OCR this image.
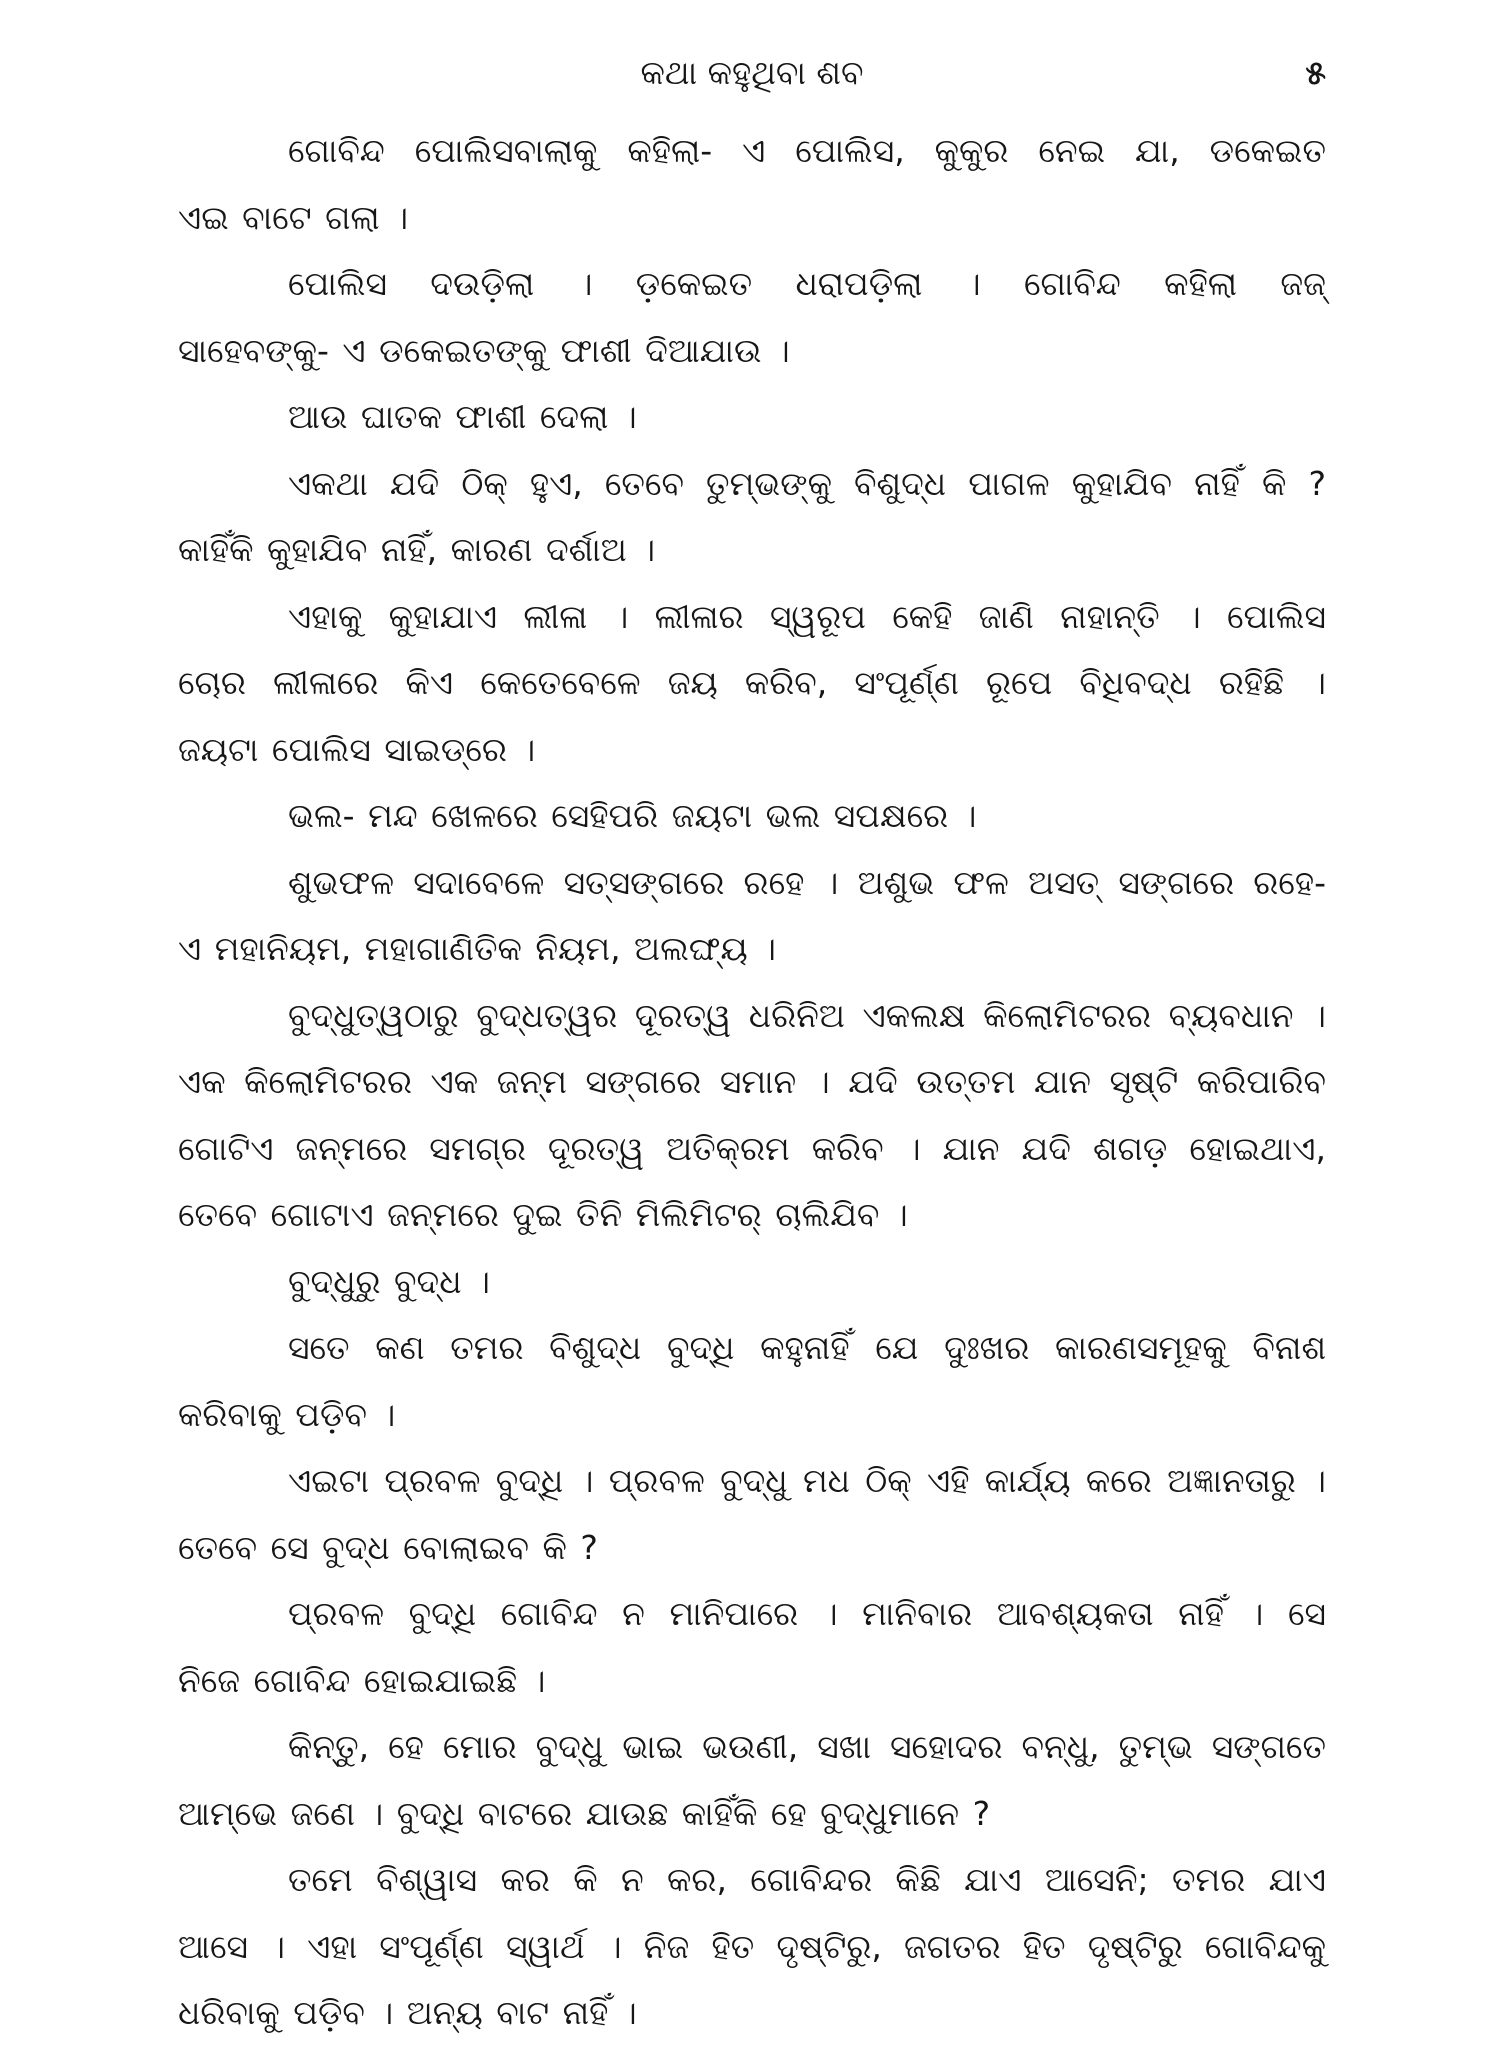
କଥା କହୁଥିବା ଶବ	୫

ଗୋବିନ୍ଦ ପୋଲିସବାଲାକୁ କହିଲା- ଏ ପୋଲିସ, କୁକୁର ନେଇ ଯା, ଡକେଇତ
ଏଇ ବାଟେ ଗଲା ।

ପୋଲିସ ଦଉଡ଼ିଲା । ଡ଼କେଇତ ଧରାପଡ଼ିଲା । ଗୋବିନ୍ଦ କହିଲା ଜଜ୍
ସାହେବଙ୍କୁ- ଏ ଡକେଇତଙ୍କୁ ଫାଶୀ ଦିଆଯାଉ ।

ଆଉ ଘାତକ ଫାଶୀ ଦେଲା ।

ଏକଥା ଯଦି ଠିକ୍ ହୁଏ, ତେବେ ତୁମ୍ଭଙ୍କୁ ବିଶୁଦ୍ଧ ପାଗଳ କୁହାଯିବ ନାହିଁ କି ?
କାହିଁକି କୁହାଯିବ ନାହିଁ, କାରଣ ଦର୍ଶାଅ ।

ଏହାକୁ କୁହାଯାଏ ଲୀଳା । ଲୀଳାର ସ୍ୱରୂପ କେହି ଜାଣି ନାହାନ୍ତି । ପୋଲିସ
ଚୋର ଲୀଳାରେ କିଏ କେତେବେଳେ ଜୟ କରିବ, ସଂପୂର୍ଣ୍ଣ ରୂପେ ବିଧିବଦ୍ଧ ରହିଛି ।
ଜୟଟା ପୋଲିସ ସାଇଡ୍‌ରେ ।

ଭଲ- ମନ୍ଦ ଖେଳରେ ସେହିପରି ଜୟଟା ଭଲ ସପକ୍ଷରେ ।

ଶୁଭଫଳ ସଦାବେଳେ ସତ୍‌ସଙ୍ଗରେ ରହେ । ଅଶୁଭ ଫଳ ଅସତ୍ ସଙ୍ଗରେ ରହେ-
ଏ ମହାନିୟମ, ମହାଗାଣିତିକ ନିୟମ, ଅଲଙ୍ଘ୍ୟ ।

ବୁଦ୍ଧୁତ୍ୱଠାରୁ ବୁଦ୍ଧତ୍ୱର ଦୂରତ୍ୱ ଧରିନିଅ ଏକଲକ୍ଷ କିଲୋମିଟରର ବ୍ୟବଧାନ ।
ଏକ କିଲୋମିଟରର ଏକ ଜନ୍ମ ସଙ୍ଗରେ ସମାନ । ଯଦି ଉତ୍ତମ ଯାନ ସୃଷ୍ଟି କରିପାରିବ
ଗୋଟିଏ ଜନ୍ମରେ ସମଗ୍ର ଦୂରତ୍ୱ ଅତିକ୍ରମ କରିବ । ଯାନ ଯଦି ଶଗଡ଼ ହୋଇଥାଏ,
ତେବେ ଗୋଟାଏ ଜନ୍ମରେ ଦୁଇ ତିନି ମିଲିମିଟର୍ ଚାଲିଯିବ ।

ବୁଦ୍ଧୁରୁ ବୁଦ୍ଧ ।

ସତେ କଣ ତମର ବିଶୁଦ୍ଧ ବୁଦ୍ଧି କହୁନାହିଁ ଯେ ଦୁଃଖର କାରଣସମୂହକୁ ବିନାଶ
କରିବାକୁ ପଡ଼ିବ ।

ଏଇଟା ପ୍ରବଳ ବୁଦ୍ଧି । ପ୍ରବଳ ବୁଦ୍ଧୁ ମଧ ଠିକ୍ ଏହି କାର୍ଯ୍ୟ କରେ ଅଜ୍ଞାନତାରୁ ।
ତେବେ ସେ ବୁଦ୍ଧ ବୋଲାଇବ କି ?

ପ୍ରବଳ ବୁଦ୍ଧି ଗୋବିନ୍ଦ ନ ମାନିପାରେ । ମାନିବାର ଆବଶ୍ୟକତା ନାହିଁ । ସେ
ନିଜେ ଗୋବିନ୍ଦ ହୋଇଯାଇଛି ।

କିନ୍ତୁ, ହେ ମୋର ବୁଦ୍ଧୁ ଭାଇ ଭଉଣୀ, ସଖା ସହୋଦର ବନ୍ଧୁ, ତୁମ୍ଭ ସଙ୍ଗତେ
ଆମ୍ଭେ ଜଣେ । ବୁଦ୍ଧି ବାଟରେ ଯାଉଛ କାହିଁକି ହେ ବୁଦ୍ଧୁମାନେ ?

ତମେ ବିଶ୍ୱାସ କର କି ନ କର, ଗୋବିନ୍ଦର କିଛି ଯାଏ ଆସେନି; ତମର ଯାଏ
ଆସେ । ଏହା ସଂପୂର୍ଣ୍ଣ ସ୍ୱାର୍ଥ । ନିଜ ହିତ ଦୃଷ୍ଟିରୁ, ଜଗତର ହିତ ଦୃଷ୍ଟିରୁ ଗୋବିନ୍ଦକୁ
ଧରିବାକୁ ପଡ଼ିବ । ଅନ୍ୟ ବାଟ ନାହିଁ ।
